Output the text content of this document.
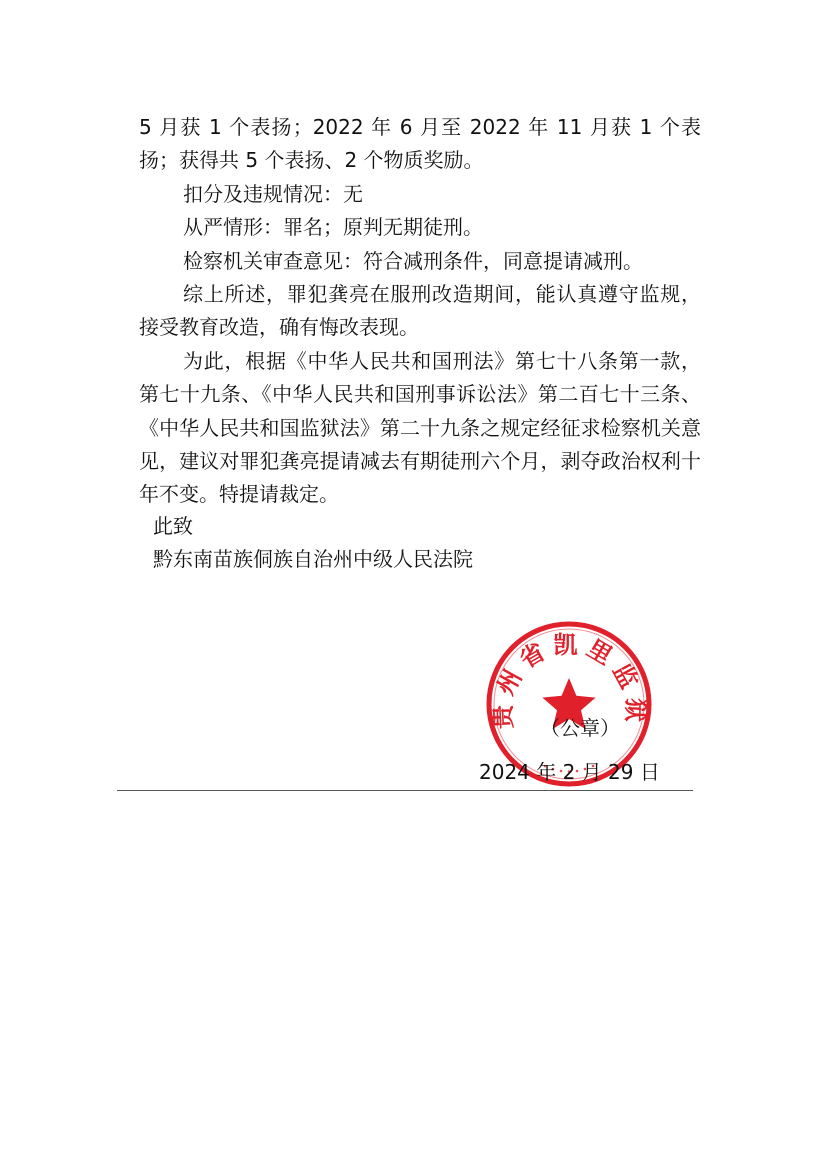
5 月获 1 个表扬；2022 年 6 月至 2022 年 11 月获 1 个表扬；获得共 5 个表扬、2 个物质奖励。

扣分及违规情况：无

从严情形：罪名；原判无期徒刑。

检察机关审查意见：符合减刑条件，同意提请减刑。

综上所述，罪犯龚亮在服刑改造期间，能认真遵守监规，接受教育改造，确有悔改表现。

为此，根据《中华人民共和国刑法》第七十八条第一款，第七十九条、《中华人民共和国刑事诉讼法》第二百七十三条、《中华人民共和国监狱法》第二十九条之规定经征求检察机关意见，建议对罪犯龚亮提请减去有期徒刑六个月，剥夺政治权利十年不变。特提请裁定。

此致
黔东南苗族侗族自治州中级人民法院
贵州省凯里监狱
（公章）
2024 年 2 月 29 日
